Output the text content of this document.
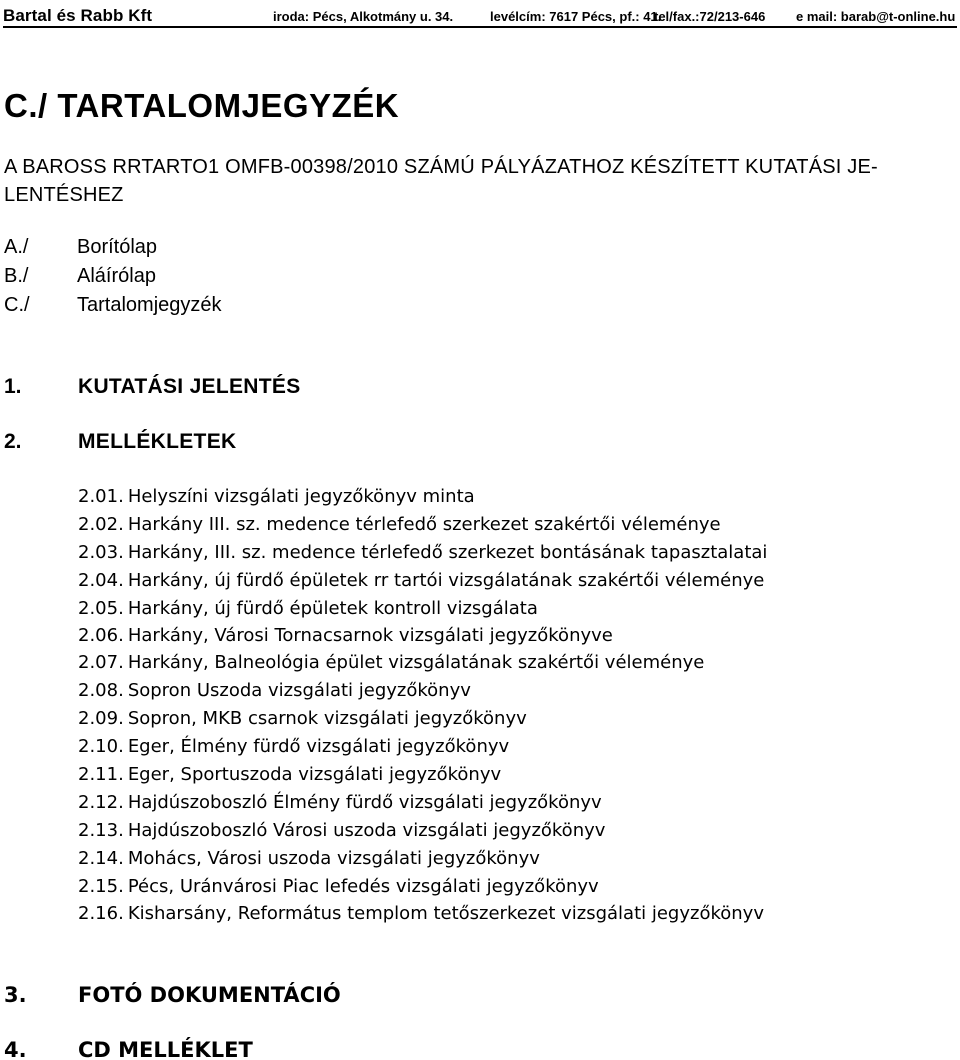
Bartal és Rabb Kft	iroda: Pécs, Alkotmány u. 34.	levélcím: 7617 Pécs, pf.: 41.
tel/fax.:72/213-646 e mail: barab@t-online.hu
C./ TARTALOMJEGYZÉK
A BAROSS RRTARTO1 OMFB-00398/2010 SZÁMÚ PÁLYÁZATHOZ KÉSZÍTETT KUTATÁSI JE-
LENTÉSHEZ
A./ Borítólap
B./ Aláírólap
C./ Tartalomjegyzék
1.	KUTATÁSI JELENTÉS
2.	MELLÉKLETEK
2.01. Helyszíni vizsgálati jegyzőkönyv minta
2.02. Harkány III. sz. medence térlefedő szerkezet szakértői véleménye
2.03. Harkány, III. sz. medence térlefedő szerkezet bontásának tapasztalatai
2.04. Harkány, új fürdő épületek rr tartói vizsgálatának szakértői véleménye
2.05. Harkány, új fürdő épületek kontroll vizsgálata
2.06. Harkány, Városi Tornacsarnok vizsgálati jegyzőkönyve
2.07. Harkány, Balneológia épület vizsgálatának szakértői véleménye
2.08. Sopron Uszoda vizsgálati jegyzőkönyv
2.09. Sopron, MKB csarnok vizsgálati jegyzőkönyv
2.10. Eger, Élmény fürdő vizsgálati jegyzőkönyv
2.11. Eger, Sportuszoda vizsgálati jegyzőkönyv
2.12. Hajdúszoboszló Élmény fürdő vizsgálati jegyzőkönyv
2.13. Hajdúszoboszló Városi uszoda vizsgálati jegyzőkönyv
2.14. Mohács, Városi uszoda vizsgálati jegyzőkönyv
2.15. Pécs, Uránvárosi Piac lefedés vizsgálati jegyzőkönyv
2.16. Kisharsány, Református templom tetőszerkezet vizsgálati jegyzőkönyv
3. FOTÓ DOKUMENTÁCIÓ
4. CD MELLÉKLET
